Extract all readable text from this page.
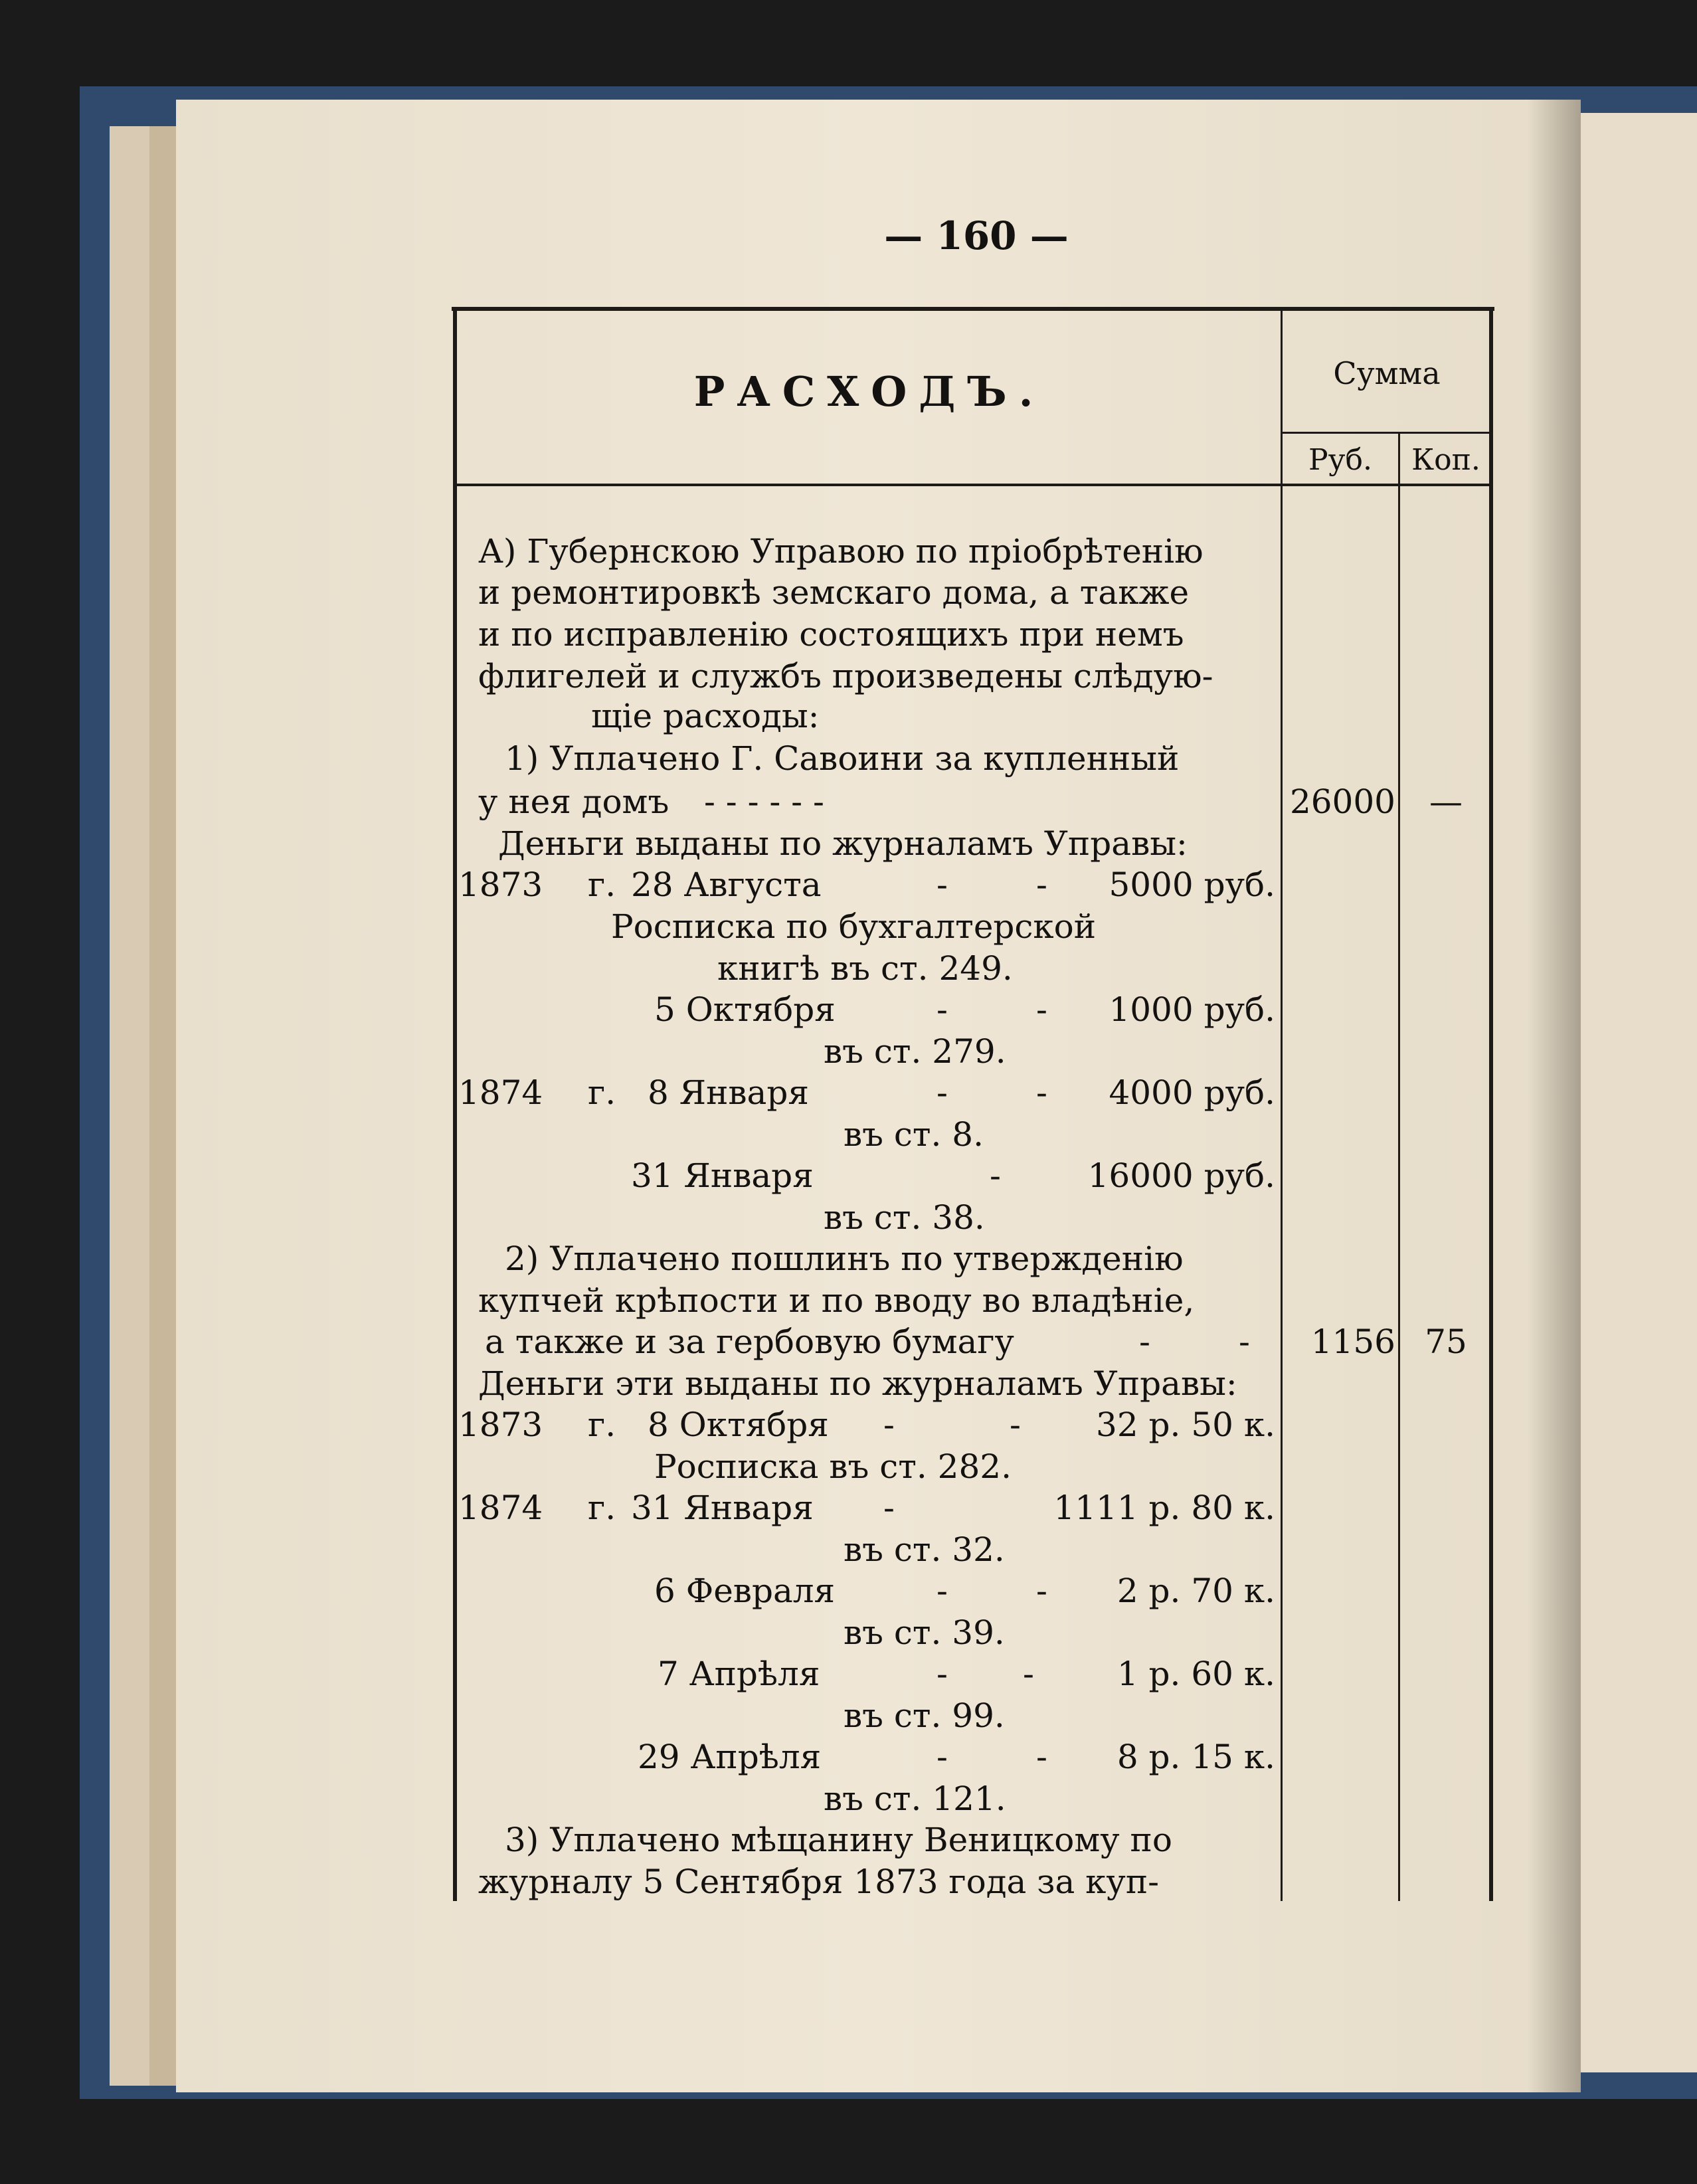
— 160 —
РАСХОДЪ.	Сумма
Руб.	Коп.
А) Губернскою Управою по пріобрѣтенію
и ремонтировкѣ земскаго дома, а также
и по исправленію состоящихъ при немъ
флигелей и службъ произведены слѣдую-
щіе расходы:
1) Уплачено Г. Савоини за купленный
у нея домъ - - - - - -	26000	—
Деньги выданы по журналамъ Управы:
1873 г. 28 Августа	-	-	5000 руб.
Росписка по бухгалтерской
книгѣ въ ст. 249.
5 Октября	-	-	1000 руб.
въ ст. 279.
1874 г. 8 Января	-	-	4000 руб.
въ ст. 8.
31 Января	-	16000 руб.
въ ст. 38.
2) Уплачено пошлинъ по утвержденію
купчей крѣпости и по вводу во владѣніе,
а также и за гербовую бумагу	-	-	1156 75
Деньги эти выданы по журналамъ Управы:
1873 г. 8 Октября -	-	32 р. 50 к.
Росписка въ ст. 282.
1874 г. 31 Января -	1111 р. 80 к.
въ ст. 32.
6 Февраля	-	-	2 р. 70 к.
въ ст. 39.
7 Апрѣля	- -	1 р. 60 к.
въ ст. 99.
29 Апрѣля	-	-	8 р. 15 к.
въ ст. 121.
3) Уплачено мѣщанину Веницкому по
журналу 5 Сентября 1873 года за куп-
